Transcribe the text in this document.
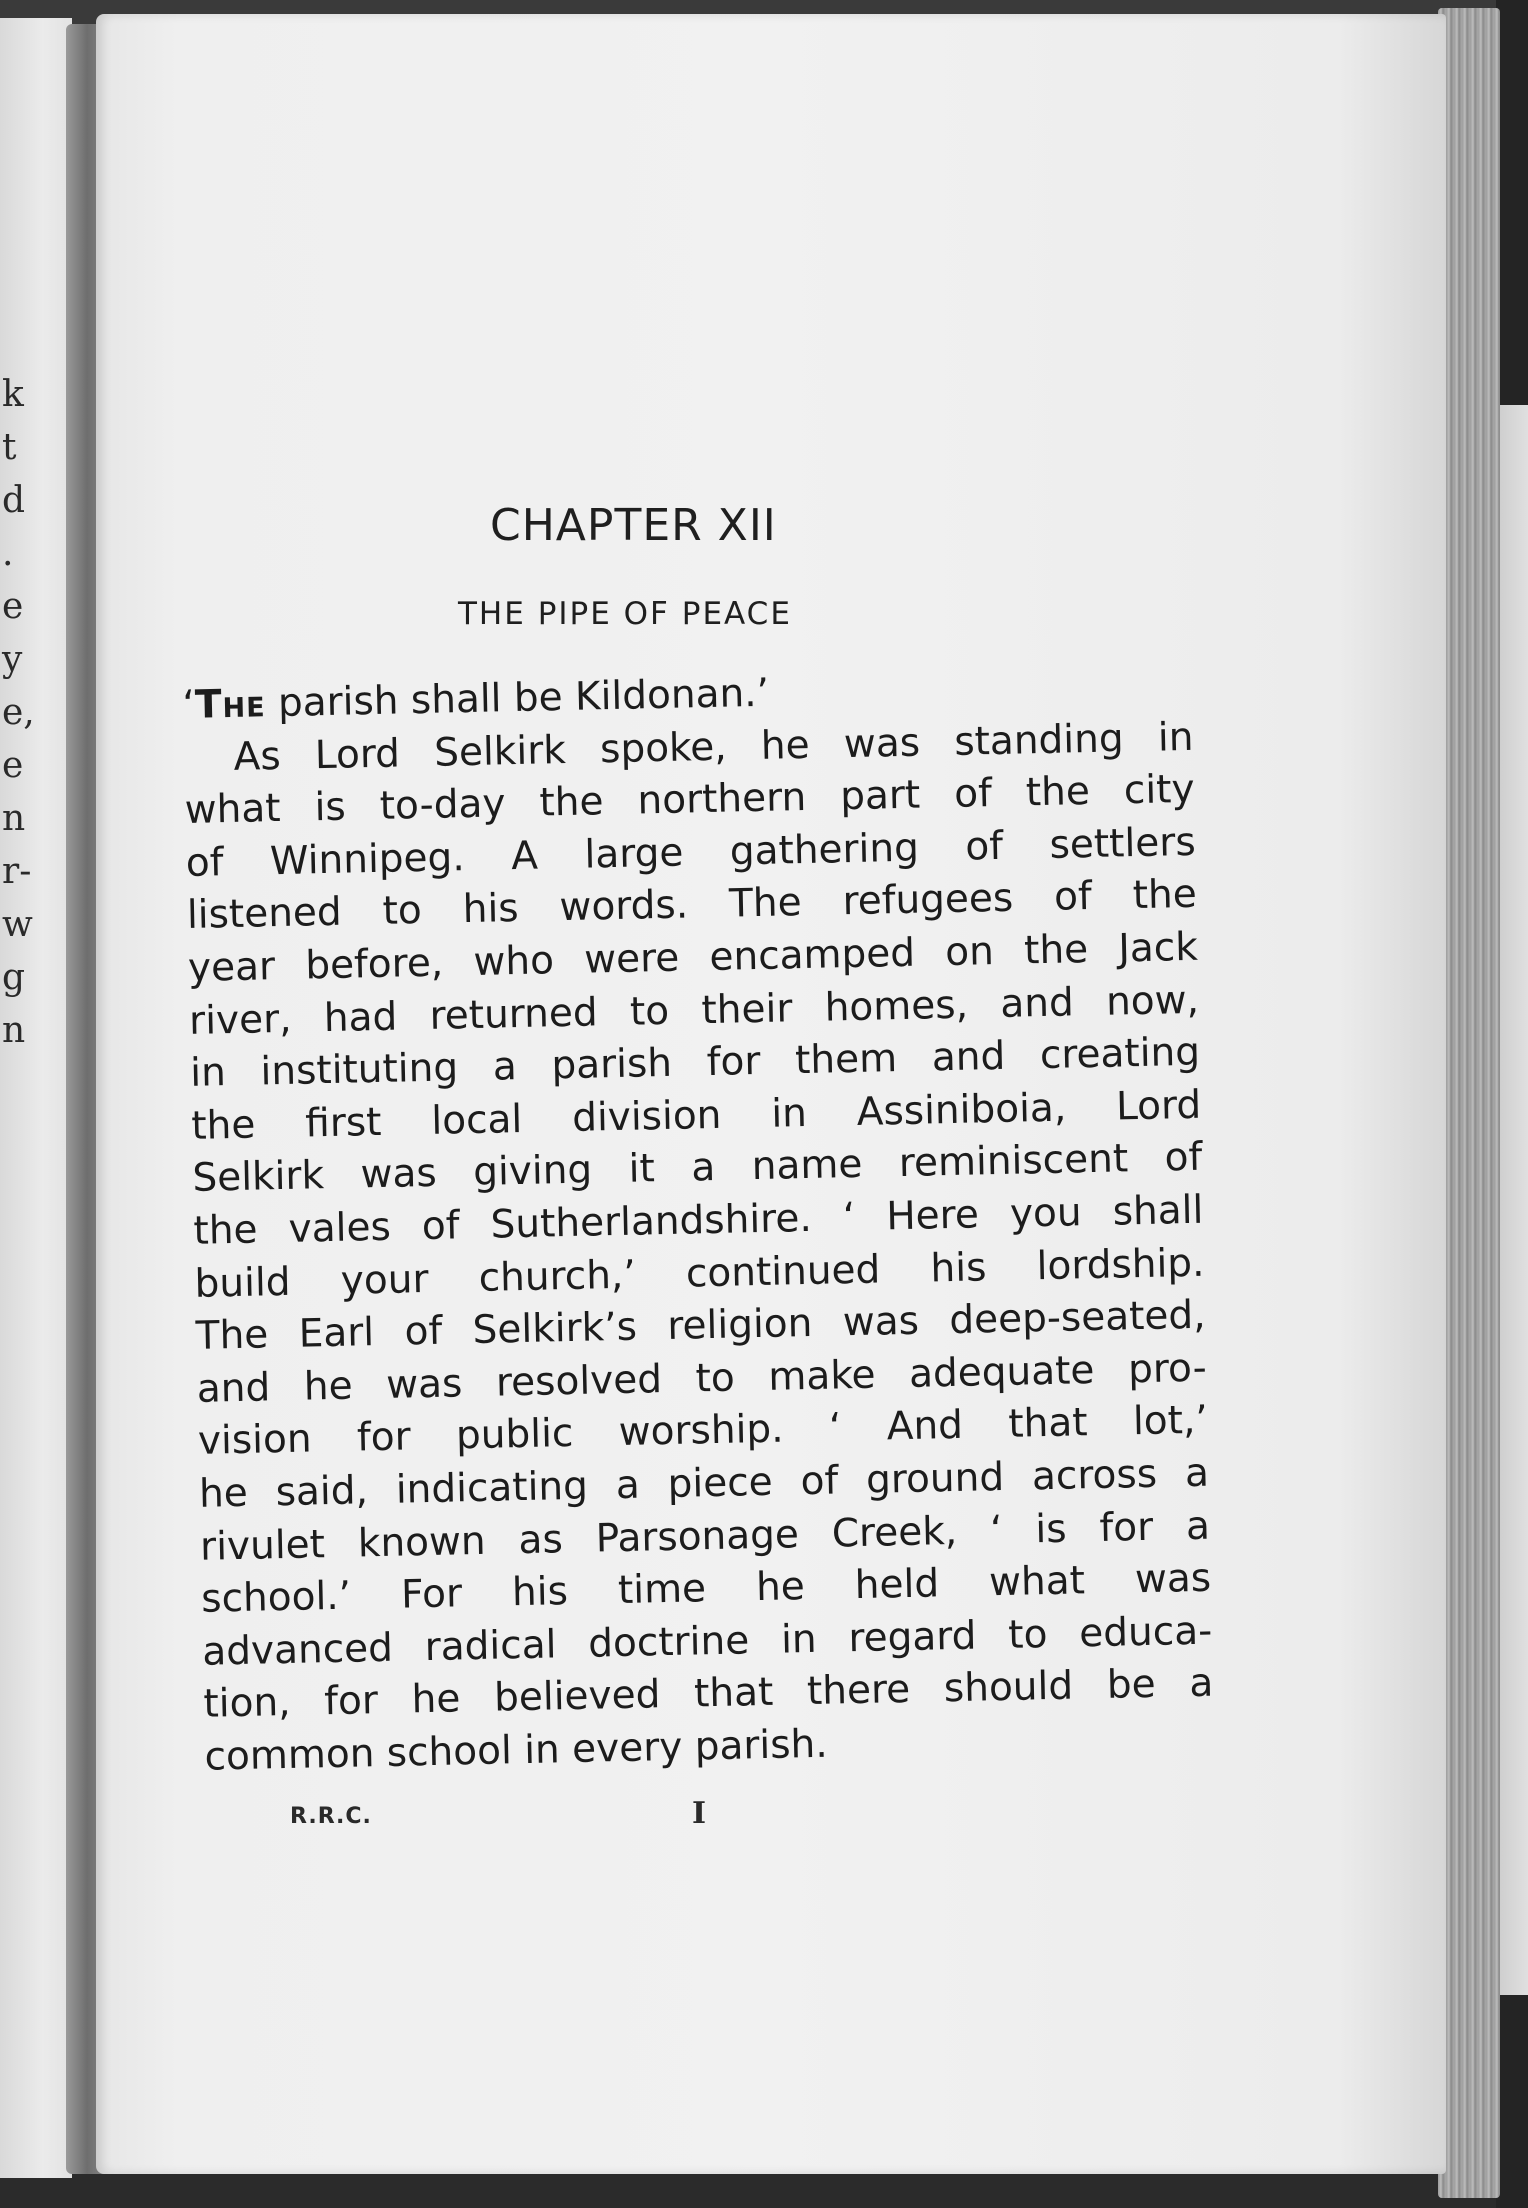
k
t
d
.
e
y
e,
e
n
r-
w
g
n
CHAPTER XII
THE PIPE OF PEACE
‘The parish shall be Kildonan.’
As Lord Selkirk spoke, he was standing in
what is to-day the northern part of the city
of Winnipeg. A large gathering of settlers
listened to his words. The refugees of the
year before, who were encamped on the Jack
river, had returned to their homes, and now,
in instituting a parish for them and creating
the first local division in Assiniboia, Lord
Selkirk was giving it a name reminiscent of
the vales of Sutherlandshire. ‘ Here you shall
build your church,’ continued his lordship.
The Earl of Selkirk’s religion was deep-seated,
and he was resolved to make adequate pro-
vision for public worship. ‘ And that lot,’
he said, indicating a piece of ground across a
rivulet known as Parsonage Creek, ‘ is for a
school.’ For his time he held what was
advanced radical doctrine in regard to educa-
tion, for he believed that there should be a
common school in every parish.
R.R.C.	I
